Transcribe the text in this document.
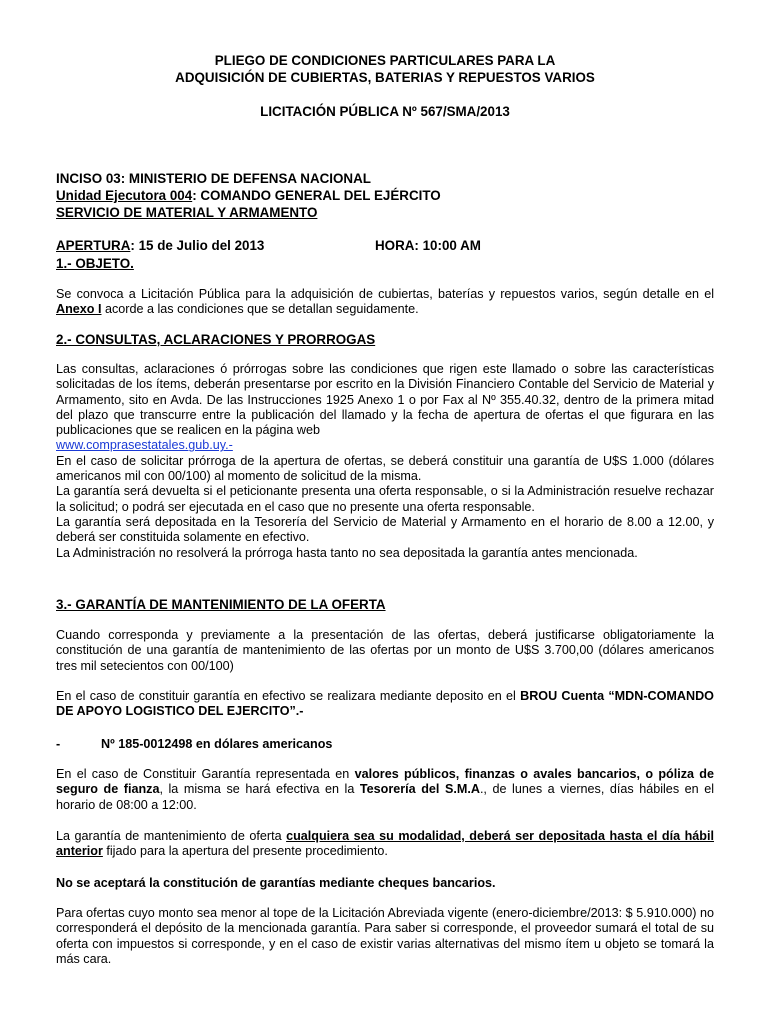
PLIEGO DE CONDICIONES PARTICULARES PARA LA
ADQUISICIÓN DE CUBIERTAS, BATERIAS Y REPUESTOS VARIOS
LICITACIÓN PÚBLICA Nº 567/SMA/2013
INCISO 03: MINISTERIO DE DEFENSA NACIONAL
Unidad Ejecutora 004: COMANDO GENERAL DEL EJÉRCITO
SERVICIO DE MATERIAL Y ARMAMENTO
APERTURA: 15 de Julio del 2013	HORA: 10:00 AM
1.- OBJETO.
Se convoca a Licitación Pública para la adquisición de cubiertas, baterías y repuestos varios, según detalle en el Anexo I acorde a las condiciones que se detallan seguidamente.
2.- CONSULTAS, ACLARACIONES Y PRORROGAS
Las consultas, aclaraciones ó prórrogas sobre las condiciones que rigen este llamado o sobre las características solicitadas de los ítems, deberán presentarse por escrito en la División Financiero Contable del Servicio de Material y Armamento, sito en Avda. De las Instrucciones 1925 Anexo 1 o por Fax al Nº 355.40.32, dentro de la primera mitad del plazo que transcurre entre la publicación del llamado y la fecha de apertura de ofertas el que figurara en las publicaciones que se realicen en la página web
www.comprasestatales.gub.uy.-
En el caso de solicitar prórroga de la apertura de ofertas, se deberá constituir una garantía de U$S 1.000 (dólares americanos mil con 00/100) al momento de solicitud de la misma.
La garantía será devuelta si el peticionante presenta una oferta responsable, o si la Administración resuelve rechazar la solicitud; o podrá ser ejecutada en el caso que no presente una oferta responsable.
La garantía será depositada en la Tesorería del Servicio de Material y Armamento en el horario de 8.00 a 12.00, y deberá ser constituida solamente en efectivo.
La Administración no resolverá la prórroga hasta tanto no sea depositada la garantía antes mencionada.
3.- GARANTÍA DE MANTENIMIENTO DE LA OFERTA
Cuando corresponda y previamente a la presentación de las ofertas, deberá justificarse obligatoriamente la constitución de una garantía de mantenimiento de las ofertas por un monto de U$S 3.700,00 (dólares americanos tres mil setecientos con 00/100)
En el caso de constituir garantía en efectivo se realizara mediante deposito en el BROU Cuenta “MDN-COMANDO DE APOYO LOGISTICO DEL EJERCITO”.-
-	Nº 185-0012498 en dólares americanos
En el caso de Constituir Garantía representada en valores públicos, finanzas o avales bancarios, o póliza de seguro de fianza, la misma se hará efectiva en la Tesorería del S.M.A., de lunes a viernes, días hábiles en el horario de 08:00 a 12:00.
La garantía de mantenimiento de oferta cualquiera sea su modalidad, deberá ser depositada hasta el día hábil anterior fijado para la apertura del presente procedimiento.
No se aceptará la constitución de garantías mediante cheques bancarios.
Para ofertas cuyo monto sea menor al tope de la Licitación Abreviada vigente (enero-diciembre/2013: $ 5.910.000) no corresponderá el depósito de la mencionada garantía. Para saber si corresponde, el proveedor sumará el total de su oferta con impuestos si corresponde, y en el caso de existir varias alternativas del mismo ítem u objeto se tomará la más cara.
